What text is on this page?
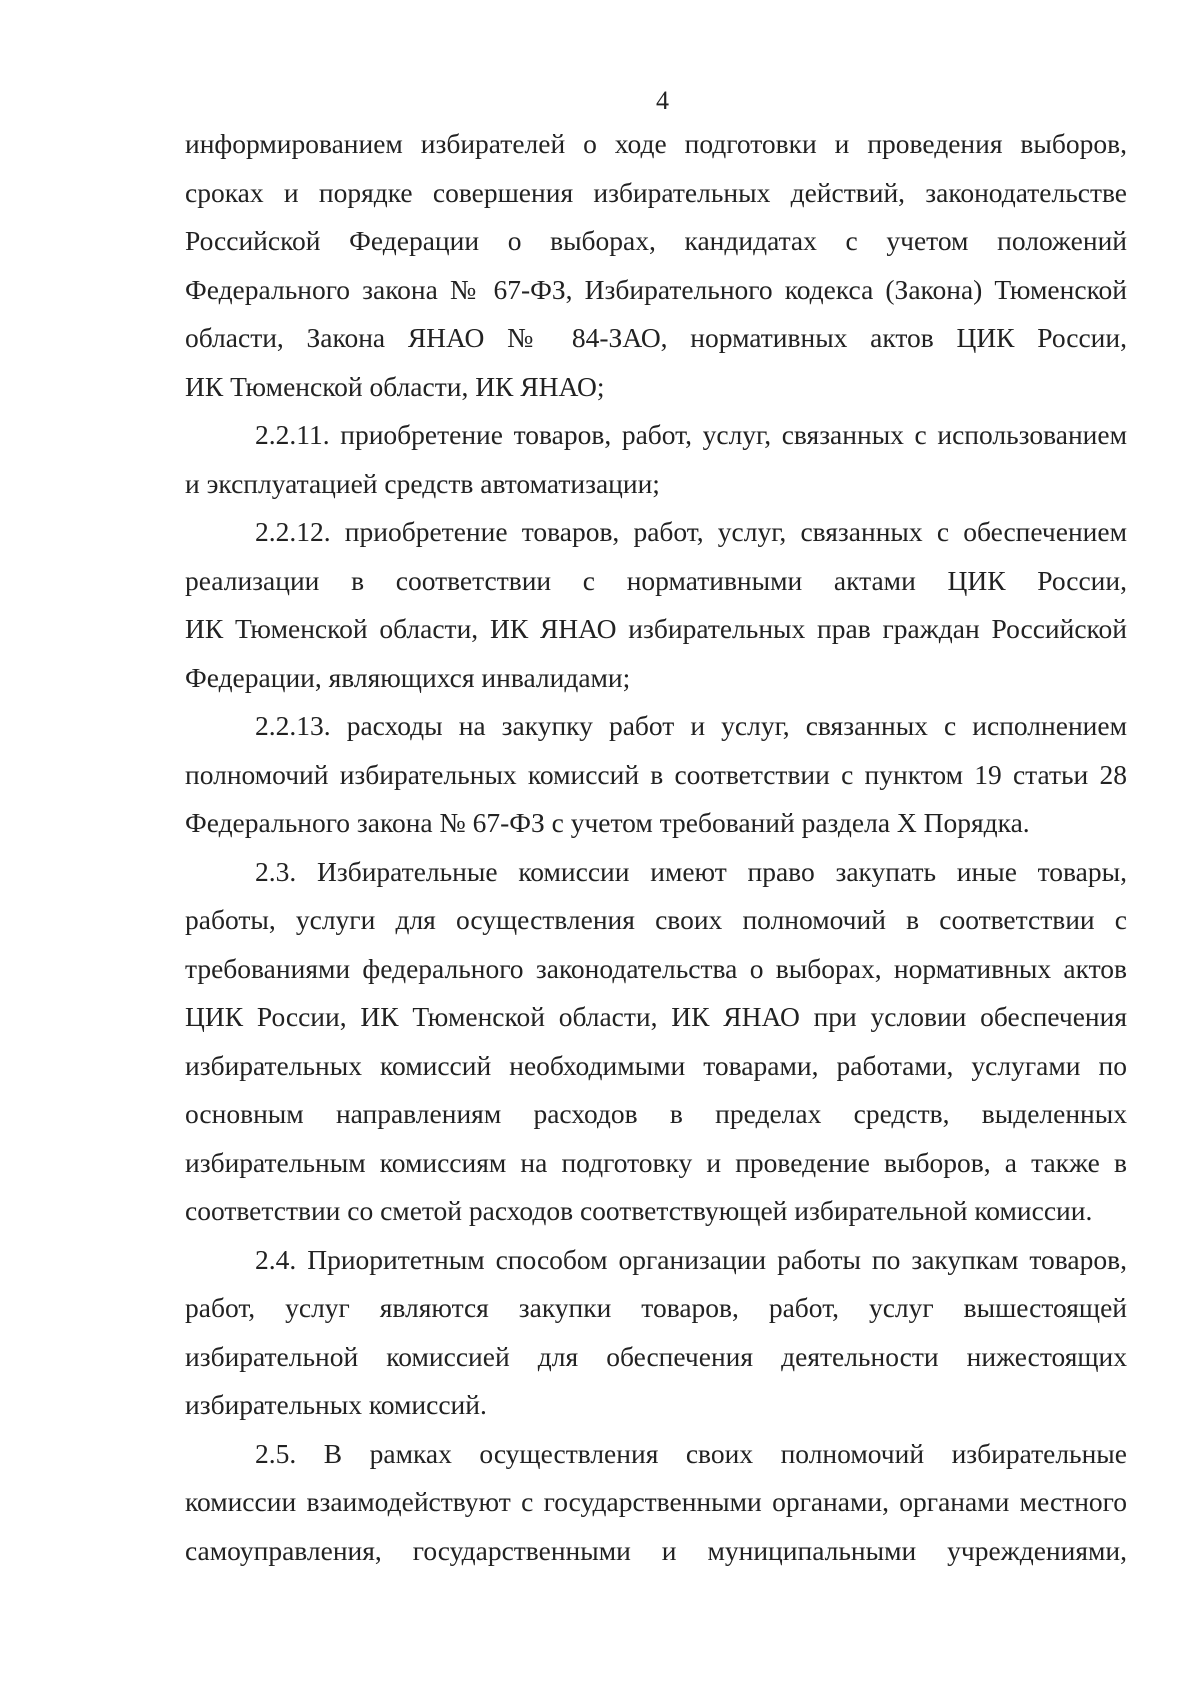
4
информированием избирателей о ходе подготовки и проведения выборов,
сроках и порядке совершения избирательных действий, законодательстве
Российской Федерации о выборах, кандидатах с учетом положений
Федерального закона № 67-ФЗ, Избирательного кодекса (Закона) Тюменской
области, Закона ЯНАО № 84-ЗАО, нормативных актов ЦИК России,
ИК Тюменской области, ИК ЯНАО;
2.2.11. приобретение товаров, работ, услуг, связанных с использованием
и эксплуатацией средств автоматизации;
2.2.12. приобретение товаров, работ, услуг, связанных с обеспечением
реализации в соответствии с нормативными актами ЦИК России,
ИК Тюменской области, ИК ЯНАО избирательных прав граждан Российской
Федерации, являющихся инвалидами;
2.2.13. расходы на закупку работ и услуг, связанных с исполнением
полномочий избирательных комиссий в соответствии с пунктом 19 статьи 28
Федерального закона № 67-ФЗ с учетом требований раздела X Порядка.
2.3. Избирательные комиссии имеют право закупать иные товары,
работы, услуги для осуществления своих полномочий в соответствии с
требованиями федерального законодательства о выборах, нормативных актов
ЦИК России, ИК Тюменской области, ИК ЯНАО при условии обеспечения
избирательных комиссий необходимыми товарами, работами, услугами по
основным направлениям расходов в пределах средств, выделенных
избирательным комиссиям на подготовку и проведение выборов, а также в
соответствии со сметой расходов соответствующей избирательной комиссии.
2.4. Приоритетным способом организации работы по закупкам товаров,
работ, услуг являются закупки товаров, работ, услуг вышестоящей
избирательной комиссией для обеспечения деятельности нижестоящих
избирательных комиссий.
2.5. В рамках осуществления своих полномочий избирательные
комиссии взаимодействуют с государственными органами, органами местного
самоуправления, государственными и муниципальными учреждениями,
